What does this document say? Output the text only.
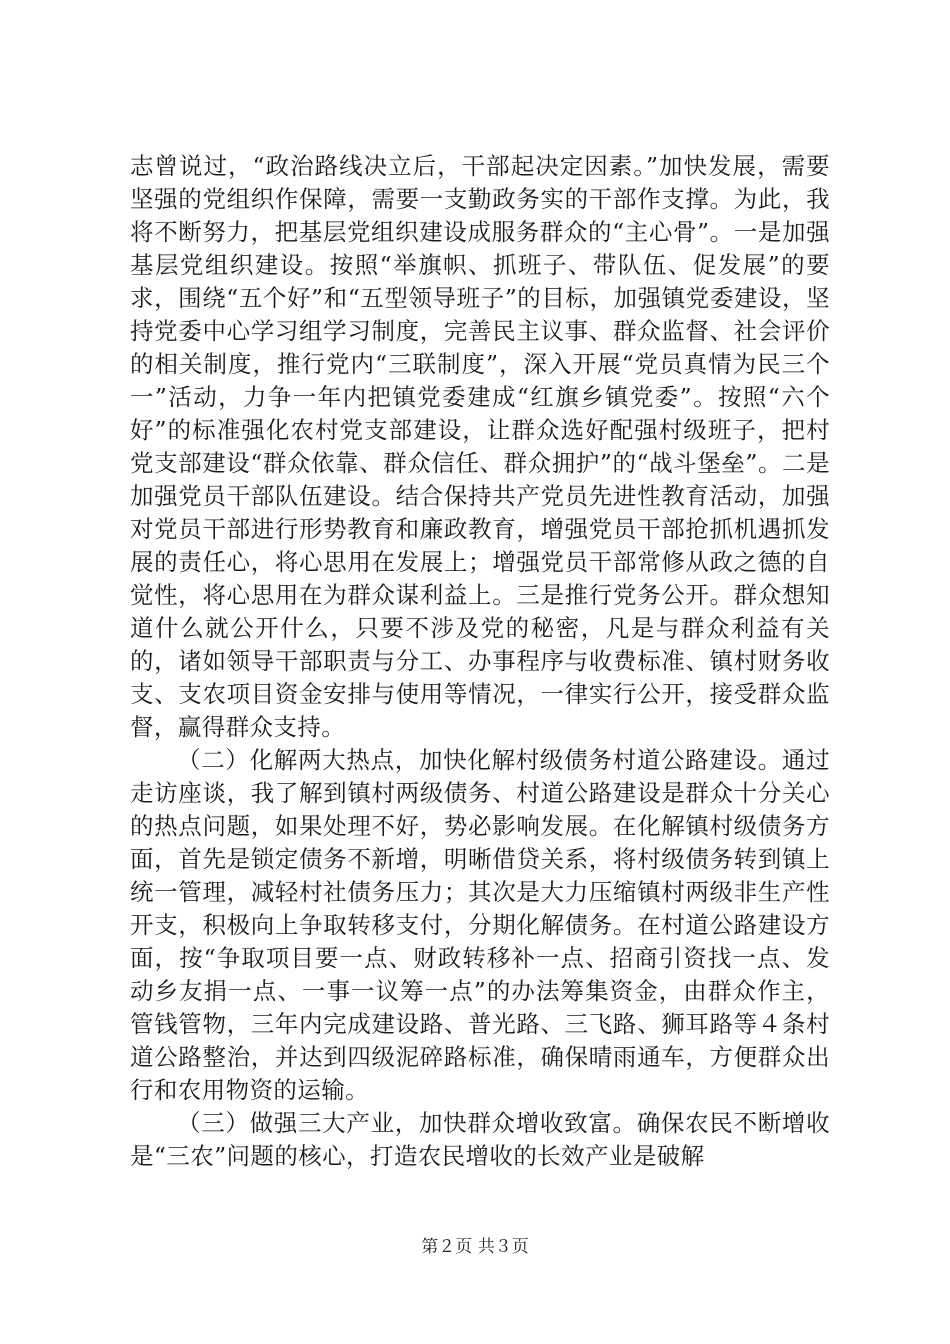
志曾说过，“政治路线决立后，干部起决定因素。”加快发展，需要坚强的党组织作保障，需要一支勤政务实的干部作支撑。为此，我将不断努力，把基层党组织建设成服务群众的“主心骨”。一是加强基层党组织建设。按照“举旗帜、抓班子、带队伍、促发展”的要求，围绕“五个好”和“五型领导班子”的目标，加强镇党委建设，坚持党委中心学习组学习制度，完善民主议事、群众监督、社会评价的相关制度，推行党内“三联制度”，深入开展“党员真情为民三个一”活动，力争一年内把镇党委建成“红旗乡镇党委”。按照“六个好”的标准强化农村党支部建设，让群众选好配强村级班子，把村党支部建设“群众依靠、群众信任、群众拥护”的“战斗堡垒”。二是加强党员干部队伍建设。结合保持共产党员先进性教育活动，加强对党员干部进行形势教育和廉政教育，增强党员干部抢抓机遇抓发展的责任心，将心思用在发展上；增强党员干部常修从政之德的自觉性，将心思用在为群众谋利益上。三是推行党务公开。群众想知道什么就公开什么，只要不涉及党的秘密，凡是与群众利益有关的，诸如领导干部职责与分工、办事程序与收费标准、镇村财务收支、支农项目资金安排与使用等情况，一律实行公开，接受群众监督，赢得群众支持。

（二）化解两大热点，加快化解村级债务村道公路建设。通过走访座谈，我了解到镇村两级债务、村道公路建设是群众十分关心的热点问题，如果处理不好，势必影响发展。在化解镇村级债务方面，首先是锁定债务不新增，明晰借贷关系，将村级债务转到镇上统一管理，减轻村社债务压力；其次是大力压缩镇村两级非生产性开支，积极向上争取转移支付，分期化解债务。在村道公路建设方面，按“争取项目要一点、财政转移补一点、招商引资找一点、发动乡友捐一点、一事一议筹一点”的办法筹集资金，由群众作主，管钱管物，三年内完成建设路、普光路、三飞路、狮耳路等４条村道公路整治，并达到四级泥碎路标准，确保晴雨通车，方便群众出行和农用物资的运输。

（三）做强三大产业，加快群众增收致富。确保农民不断增收是“三农”问题的核心，打造农民增收的长效产业是破解

第２页 共３页
